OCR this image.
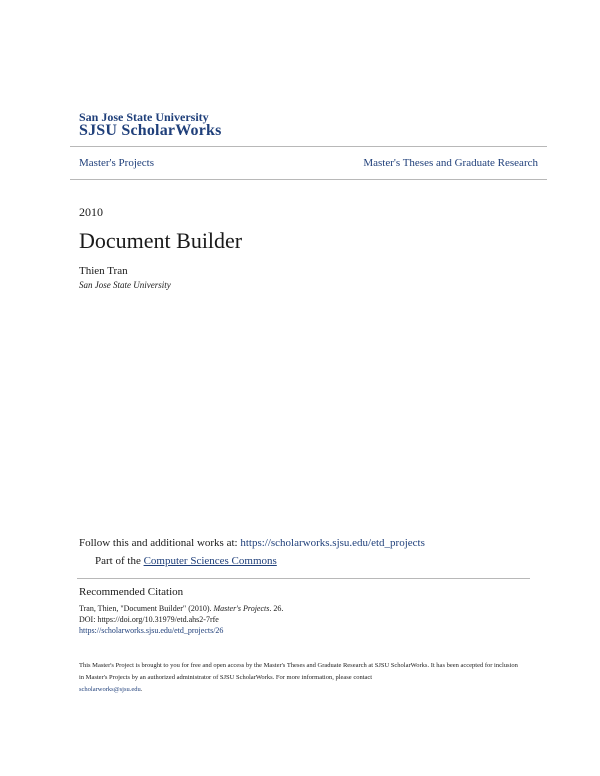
San Jose State University
SJSU ScholarWorks
Master's Projects	Master's Theses and Graduate Research
2010
Document Builder
Thien Tran
San Jose State University
Follow this and additional works at: https://scholarworks.sjsu.edu/etd_projects
Part of the Computer Sciences Commons
Recommended Citation
Tran, Thien, "Document Builder" (2010). Master's Projects. 26.
DOI: https://doi.org/10.31979/etd.ahs2-7rfe
https://scholarworks.sjsu.edu/etd_projects/26
This Master's Project is brought to you for free and open access by the Master's Theses and Graduate Research at SJSU ScholarWorks. It has been accepted for inclusion in Master's Projects by an authorized administrator of SJSU ScholarWorks. For more information, please contact
scholarworks@sjsu.edu.
